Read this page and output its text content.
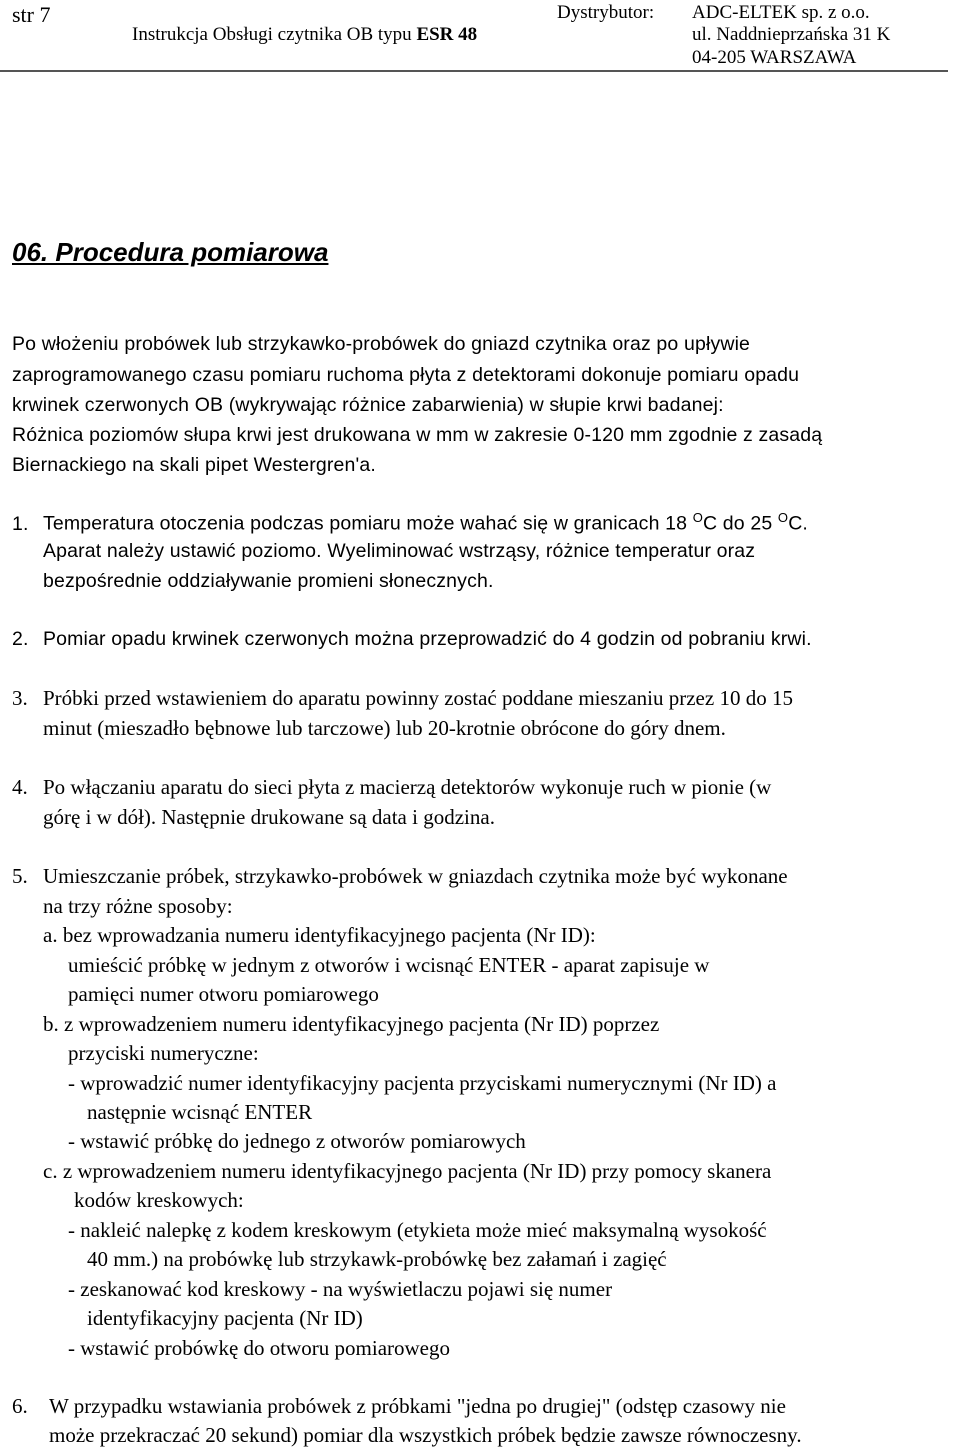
str 7
Instrukcja Obsługi czytnika OB typu ESR 48
Dystrybutor: ADC-ELTEK sp. z o.o.
ul. Naddnieprzańska 31 K
04-205 WARSZAWA
06. Procedura pomiarowa
Po włożeniu probówek lub strzykawko-probówek do gniazd czytnika oraz po upływie
zaprogramowanego czasu pomiaru ruchoma płyta z detektorami dokonuje pomiaru opadu
krwinek czerwonych OB (wykrywając różnice zabarwienia) w słupie krwi badanej:
Różnica poziomów słupa krwi jest drukowana w mm w zakresie 0-120 mm zgodnie z zasadą
Biernackiego na skali pipet Westergren'a.
1. Temperatura otoczenia podczas pomiaru może wahać się w granicach 18 $^O$C do 25 $^O$C.
Aparat należy ustawić poziomo. Wyeliminować wstrząsy, różnice temperatur oraz
bezpośrednie oddziaływanie promieni słonecznych.
2. Pomiar opadu krwinek czerwonych można przeprowadzić do 4 godzin od pobraniu krwi.
3. Próbki przed wstawieniem do aparatu powinny zostać poddane mieszaniu przez 10 do 15
minut (mieszadło bębnowe lub tarczowe) lub 20-krotnie obrócone do góry dnem.
4. Po włączaniu aparatu do sieci płyta z macierzą detektorów wykonuje ruch w pionie (w
górę i w dół). Następnie drukowane są data i godzina.
5. Umieszczanie próbek, strzykawko-probówek w gniazdach czytnika może być wykonane
na trzy różne sposoby:
a. bez wprowadzania numeru identyfikacyjnego pacjenta (Nr ID):
umieścić próbkę w jednym z otworów i wcisnąć ENTER - aparat zapisuje w
pamięci numer otworu pomiarowego
b. z wprowadzeniem numeru identyfikacyjnego pacjenta (Nr ID) poprzez
przyciski numeryczne:
- wprowadzić numer identyfikacyjny pacjenta przyciskami numerycznymi (Nr ID) a
następnie wcisnąć ENTER
- wstawić próbkę do jednego z otworów pomiarowych
c. z wprowadzeniem numeru identyfikacyjnego pacjenta (Nr ID) przy pomocy skanera
kodów kreskowych:
- nakleić nalepkę z kodem kreskowym (etykieta może mieć maksymalną wysokość
40 mm.) na probówkę lub strzykawk-probówkę bez załamań i zagięć
- zeskanować kod kreskowy - na wyświetlaczu pojawi się numer
identyfikacyjny pacjenta (Nr ID)
- wstawić probówkę do otworu pomiarowego
6. W przypadku wstawiania probówek z próbkami "jedna po drugiej" (odstęp czasowy nie
może przekraczać 20 sekund) pomiar dla wszystkich próbek będzie zawsze równoczesny.
